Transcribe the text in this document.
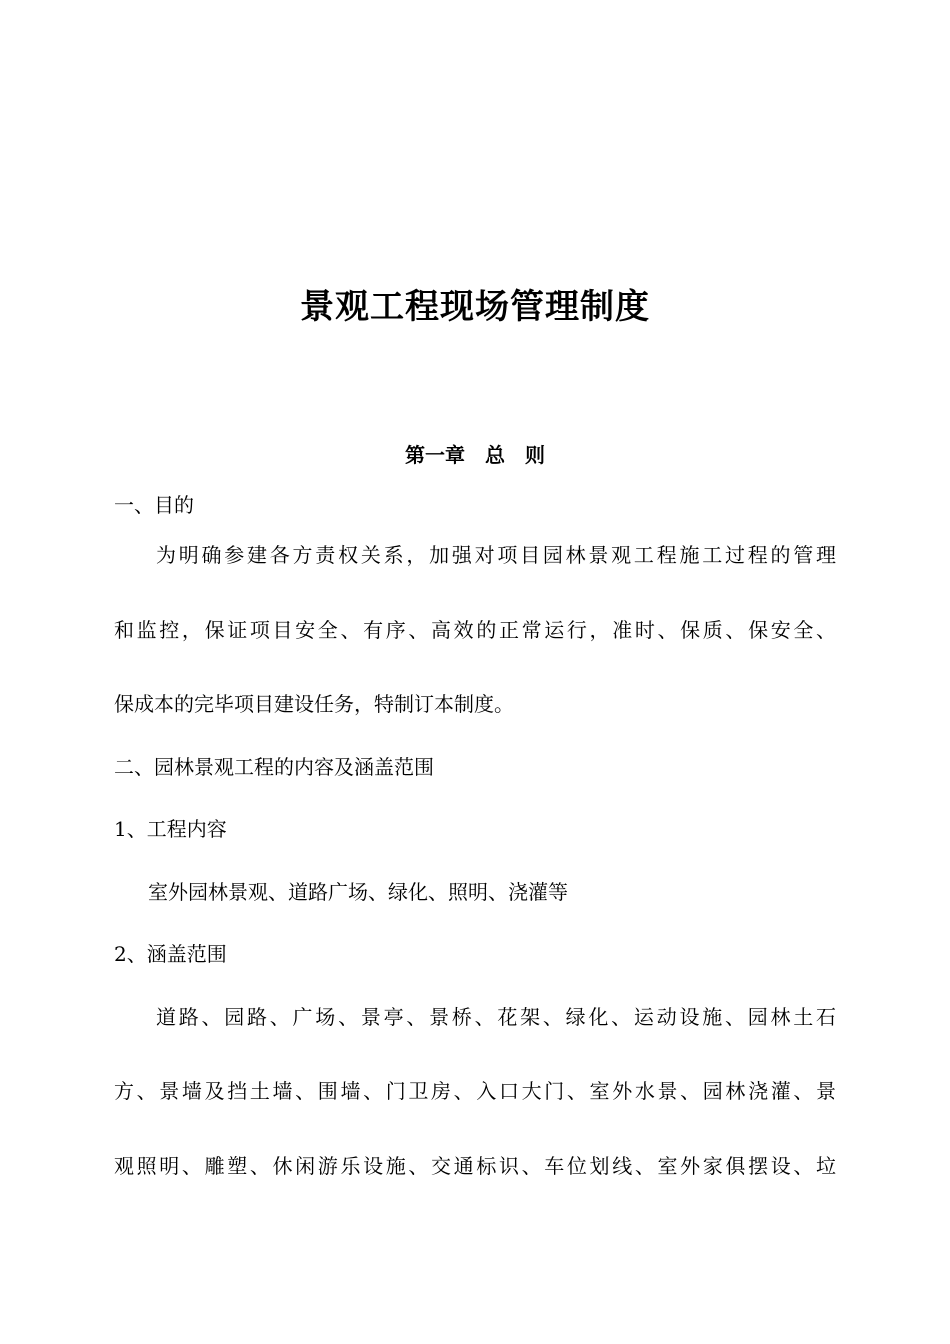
景观工程现场管理制度
第一章　总　则
一、目的
为明确参建各方责权关系，加强对项目园林景观工程施工过程的管理
和监控，保证项目安全、有序、高效的正常运行，准时、保质、保安全、
保成本的完毕项目建设任务，特制订本制度。
二、园林景观工程的内容及涵盖范围
1、工程内容
室外园林景观、道路广场、绿化、照明、浇灌等
2、涵盖范围
道路、园路、广场、景亭、景桥、花架、绿化、运动设施、园林土石
方、景墙及挡土墙、围墙、门卫房、入口大门、室外水景、园林浇灌、景
观照明、雕塑、休闲游乐设施、交通标识、车位划线、室外家俱摆设、垃
